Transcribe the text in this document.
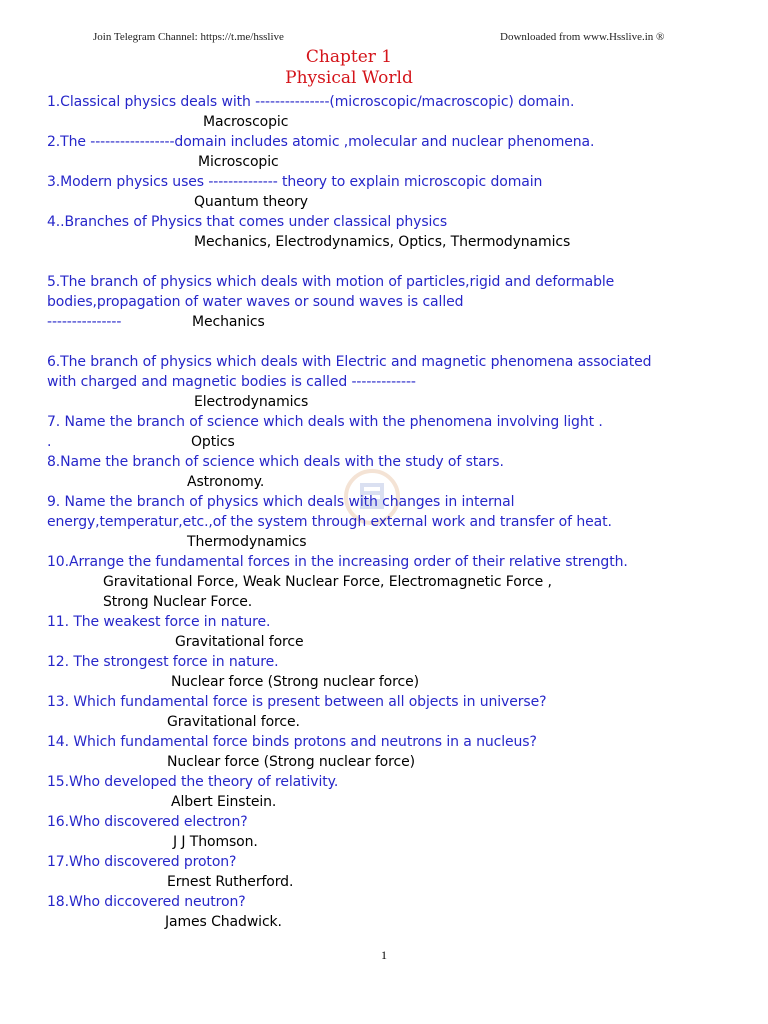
Join Telegram Channel: https://t.me/hsslive	Downloaded from www.Hsslive.in ®
Chapter 1
Physical World
1.Classical physics deals with ---------------(microscopic/macroscopic) domain.
Macroscopic
2.The -----------------domain includes atomic ,molecular and nuclear phenomena.
Microscopic
3.Modern physics uses -------------- theory to explain microscopic domain
Quantum theory
4..Branches of Physics that comes under classical physics
Mechanics, Electrodynamics, Optics, Thermodynamics
5.The branch of physics which deals with motion of particles,rigid and deformable
bodies,propagation of water waves or sound waves is called
---------------	Mechanics
6.The branch of physics which deals with Electric and magnetic phenomena associated
with charged and magnetic bodies is called -------------
Electrodynamics
7. Name the branch of science which deals with the phenomena involving light .
.	Optics
8.Name the branch of science which deals with the study of stars.
Astronomy.
9. Name the branch of physics which deals with changes in internal
energy,temperatur,etc.,of the system through external work and transfer of heat.
Thermodynamics
10.Arrange the fundamental forces in the increasing order of their relative strength.
Gravitational Force, Weak Nuclear Force, Electromagnetic Force ,
Strong Nuclear Force.
11. The weakest force in nature.
Gravitational force
12. The strongest force in nature.
Nuclear force (Strong nuclear force)
13. Which fundamental force is present between all objects in universe?
Gravitational force.
14. Which fundamental force binds protons and neutrons in a nucleus?
Nuclear force (Strong nuclear force)
15.Who developed the theory of relativity.
Albert Einstein.
16.Who discovered electron?
J J Thomson.
17.Who discovered proton?
Ernest Rutherford.
18.Who diccovered neutron?
James Chadwick.
1
